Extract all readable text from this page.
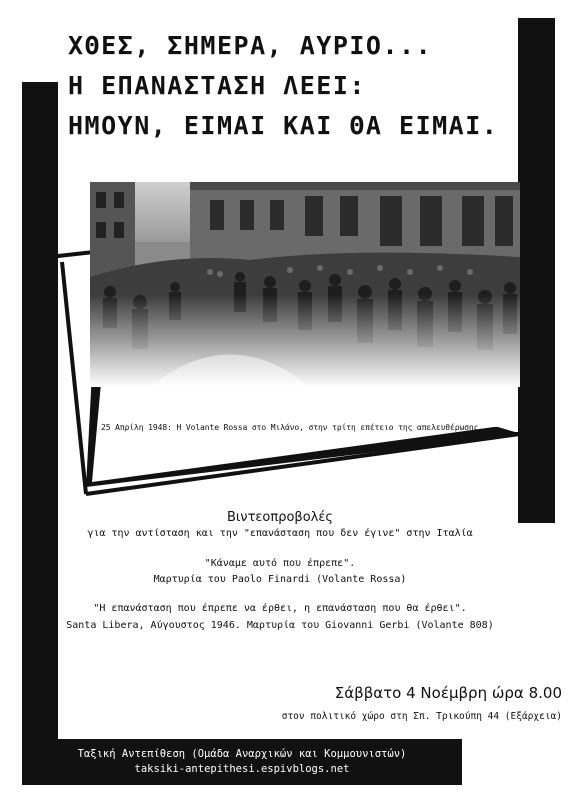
ΧΘΕΣ, ΣΗΜΕΡΑ, ΑΥΡΙΟ...
Η ΕΠΑΝΑΣΤΑΣΗ ΛΕΕΙ:
ΗΜΟΥΝ, ΕΙΜΑΙ ΚΑΙ ΘΑ ΕΙΜΑΙ.
25 Απρίλη 1948: Η Volante Rossa στο Μιλάνο, στην τρίτη επέτειο της απελευθέρωσης.
Βιντεοπροβολές
για την αντίσταση και την "επανάσταση που δεν έγινε" στην Ιταλία
"Κάναμε αυτό που έπρεπε".
Μαρτυρία του Paolo Finardi (Volante Rossa)
"Η επανάσταση που έπρεπε να έρθει, η επανάσταση που θα έρθει".
Santa Libera, Αύγουστος 1946. Μαρτυρία του Giovanni Gerbi (Volante 808)
Σάββατο 4 Νοέμβρη ώρα 8.00
στον πολιτικό χώρο στη Σπ. Τρικούπη 44 (Εξάρχεια)
Ταξική Αντεπίθεση (Ομάδα Αναρχικών και Κομμουνιστών)
taksiki-antepithesi.espivblogs.net
